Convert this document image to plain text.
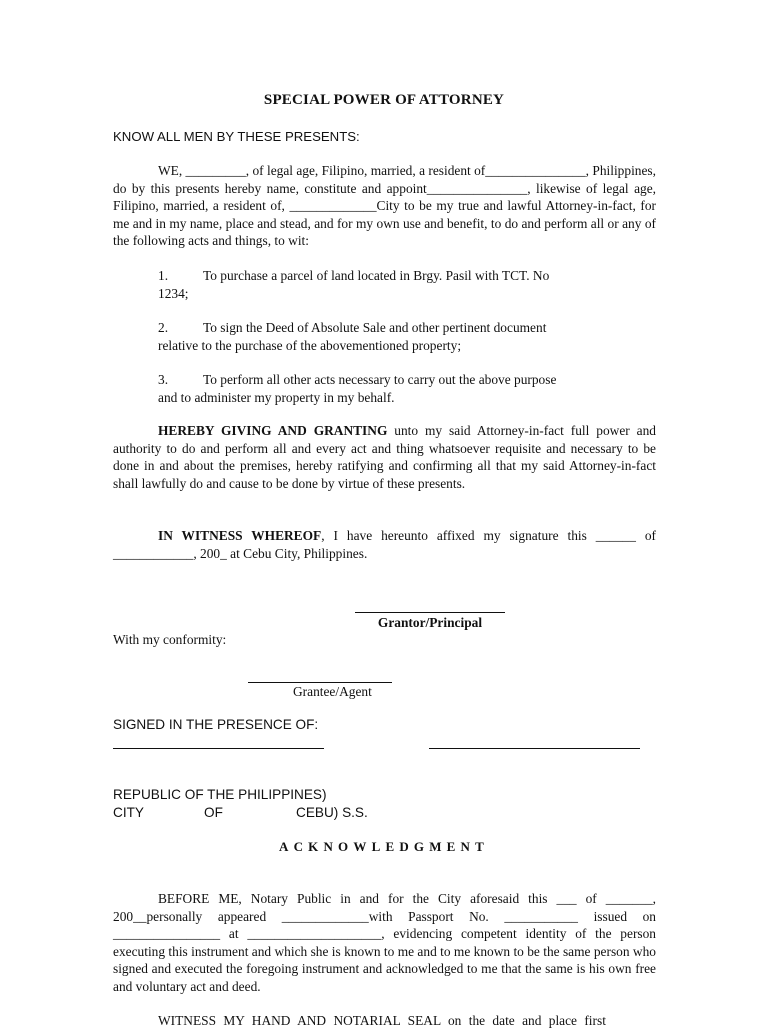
SPECIAL POWER OF ATTORNEY
KNOW ALL MEN BY THESE PRESENTS:

WE, _________, of legal age, Filipino, married, a resident of_______________, Philippines, do by this presents hereby name, constitute and appoint_______________, likewise of legal age, Filipino, married, a resident of, _____________City to be my true and lawful Attorney-in-fact, for me and in my name, place and stead, and for my own use and benefit, to do and perform all or any of the following acts and things, to wit:

1.	To purchase a parcel of land located in Brgy. Pasil with TCT. No
1234;
2.	To sign the Deed of Absolute Sale and other pertinent document
relative to the purchase of the abovementioned property;
3.	To perform all other acts necessary to carry out the above purpose
and to administer my property in my behalf.

HEREBY GIVING AND GRANTING unto my said Attorney-in-fact full power and authority to do and perform all and every act and thing whatsoever requisite and necessary to be done in and about the premises, hereby ratifying and confirming all that my said Attorney-in-fact shall lawfully do and cause to be done by virtue of these presents.

IN WITNESS WHEREOF, I have hereunto affixed my signature this ______ of ____________, 200_ at Cebu City, Philippines.

Grantor/Principal
With my conformity:
Grantee/Agent
SIGNED IN THE PRESENCE OF:
REPUBLIC OF THE PHILIPPINES)
CITY	OF	CEBU) S.S.
ACKNOWLEDGMENT

BEFORE ME, Notary Public in and for the City aforesaid this ___ of _______, 200__personally appeared _____________with Passport No. ___________ issued on ________________ at ____________________, evidencing competent identity of the person executing this instrument and which she is known to me and to me known to be the same person who signed and executed the foregoing instrument and acknowledged to me that the same is his own free and voluntary act and deed.

WITNESS MY HAND AND NOTARIAL SEAL on the date and place first
